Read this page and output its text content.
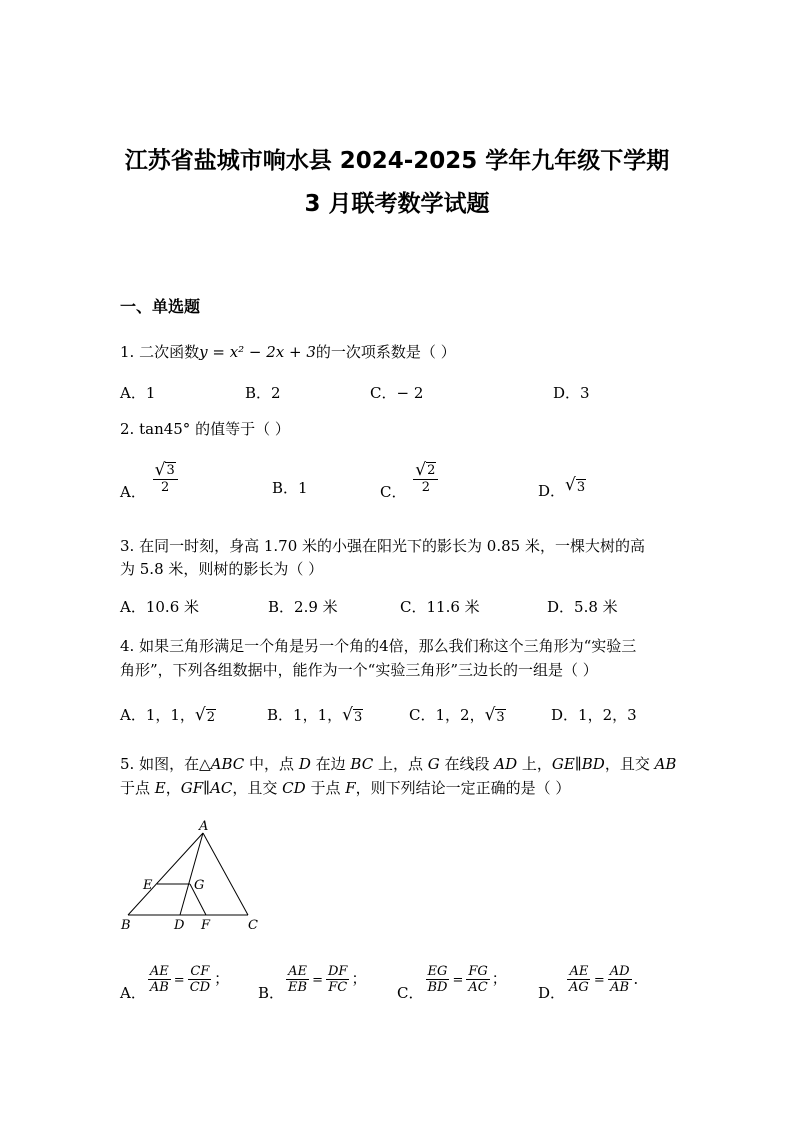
江苏省盐城市响水县 2024-2025 学年九年级下学期
3 月联考数学试题
一、单选题
1. 二次函数y = x² − 2x + 3的一次项系数是（ ）
A．1	B．2	C．− 2	D．3
2. tan45° 的值等于（ ）
A． $\frac{√ 3}{2}$	B．1	C． $\frac{√ 2}{2}$	D． √ 3
3. 在同一时刻，身高 1.70 米的小强在阳光下的影长为 0.85 米，一棵大树的高
为 5.8 米，则树的影长为（ ）
A．10.6 米	B．2.9 米	C．11.6 米	D．5.8 米
4. 如果三角形满足一个角是另一个角的4倍，那么我们称这个三角形为“实验三
角形”，下列各组数据中，能作为一个“实验三角形”三边长的一组是（ ）
A．1，1， √ 2	B．1，1， √ 3	C．1，2， √ 3	D．1，2，3
5. 如图，在△ABC 中，点 D 在边 BC 上，点 G 在线段 AD 上，GE∥BD，且交 AB
于点 E，GF∥AC，且交 CD 于点 F，则下列结论一定正确的是（ ）
A
B	C
D
E
F
G
A． $\frac{AE}{AB} = \frac{CF}{CD}$ ；
B． $\frac{AE}{EB} = \frac{DF}{FC}$ ；
C． $\frac{EG}{BD} = \frac{FG}{AC}$ ；
D． $\frac{AE}{AG} = \frac{AD}{AB}$ ．
